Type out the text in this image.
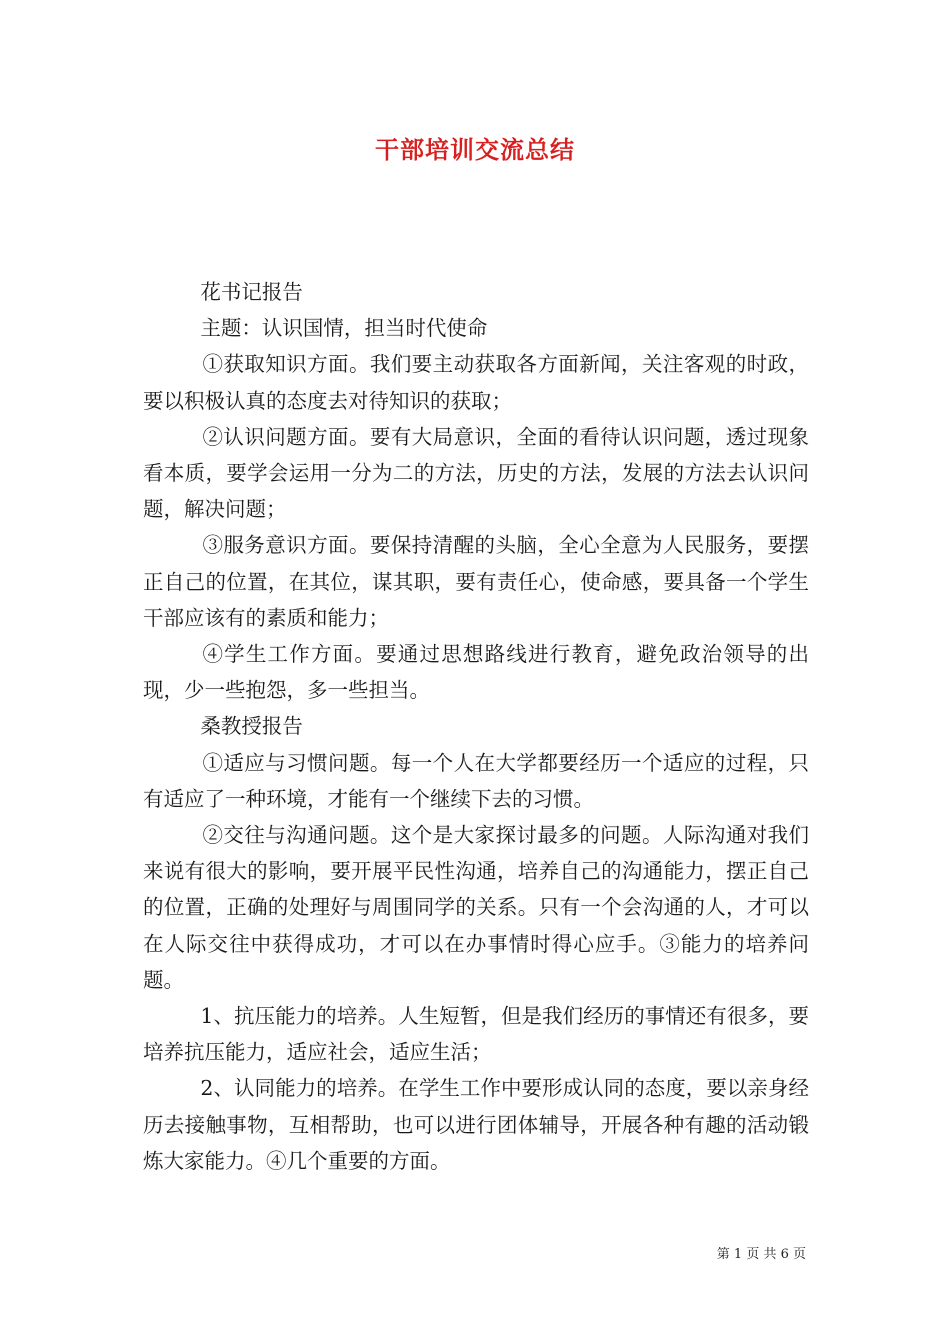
干部培训交流总结

花书记报告

主题：认识国情，担当时代使命

①获取知识方面。我们要主动获取各方面新闻，关注客观的时政，要以积极认真的态度去对待知识的获取；

②认识问题方面。要有大局意识，全面的看待认识问题，透过现象看本质，要学会运用一分为二的方法，历史的方法，发展的方法去认识问题，解决问题；

③服务意识方面。要保持清醒的头脑，全心全意为人民服务，要摆正自己的位置，在其位，谋其职，要有责任心，使命感，要具备一个学生干部应该有的素质和能力；

④学生工作方面。要通过思想路线进行教育，避免政治领导的出现，少一些抱怨，多一些担当。

桑教授报告

①适应与习惯问题。每一个人在大学都要经历一个适应的过程，只有适应了一种环境，才能有一个继续下去的习惯。

②交往与沟通问题。这个是大家探讨最多的问题。人际沟通对我们来说有很大的影响，要开展平民性沟通，培养自己的沟通能力，摆正自己的位置，正确的处理好与周围同学的关系。只有一个会沟通的人，才可以在人际交往中获得成功，才可以在办事情时得心应手。③能力的培养问题。

1、抗压能力的培养。人生短暂，但是我们经历的事情还有很多，要培养抗压能力，适应社会，适应生活；

2、认同能力的培养。在学生工作中要形成认同的态度，要以亲身经历去接触事物，互相帮助，也可以进行团体辅导，开展各种有趣的活动锻炼大家能力。④几个重要的方面。

第 1 页 共 6 页
